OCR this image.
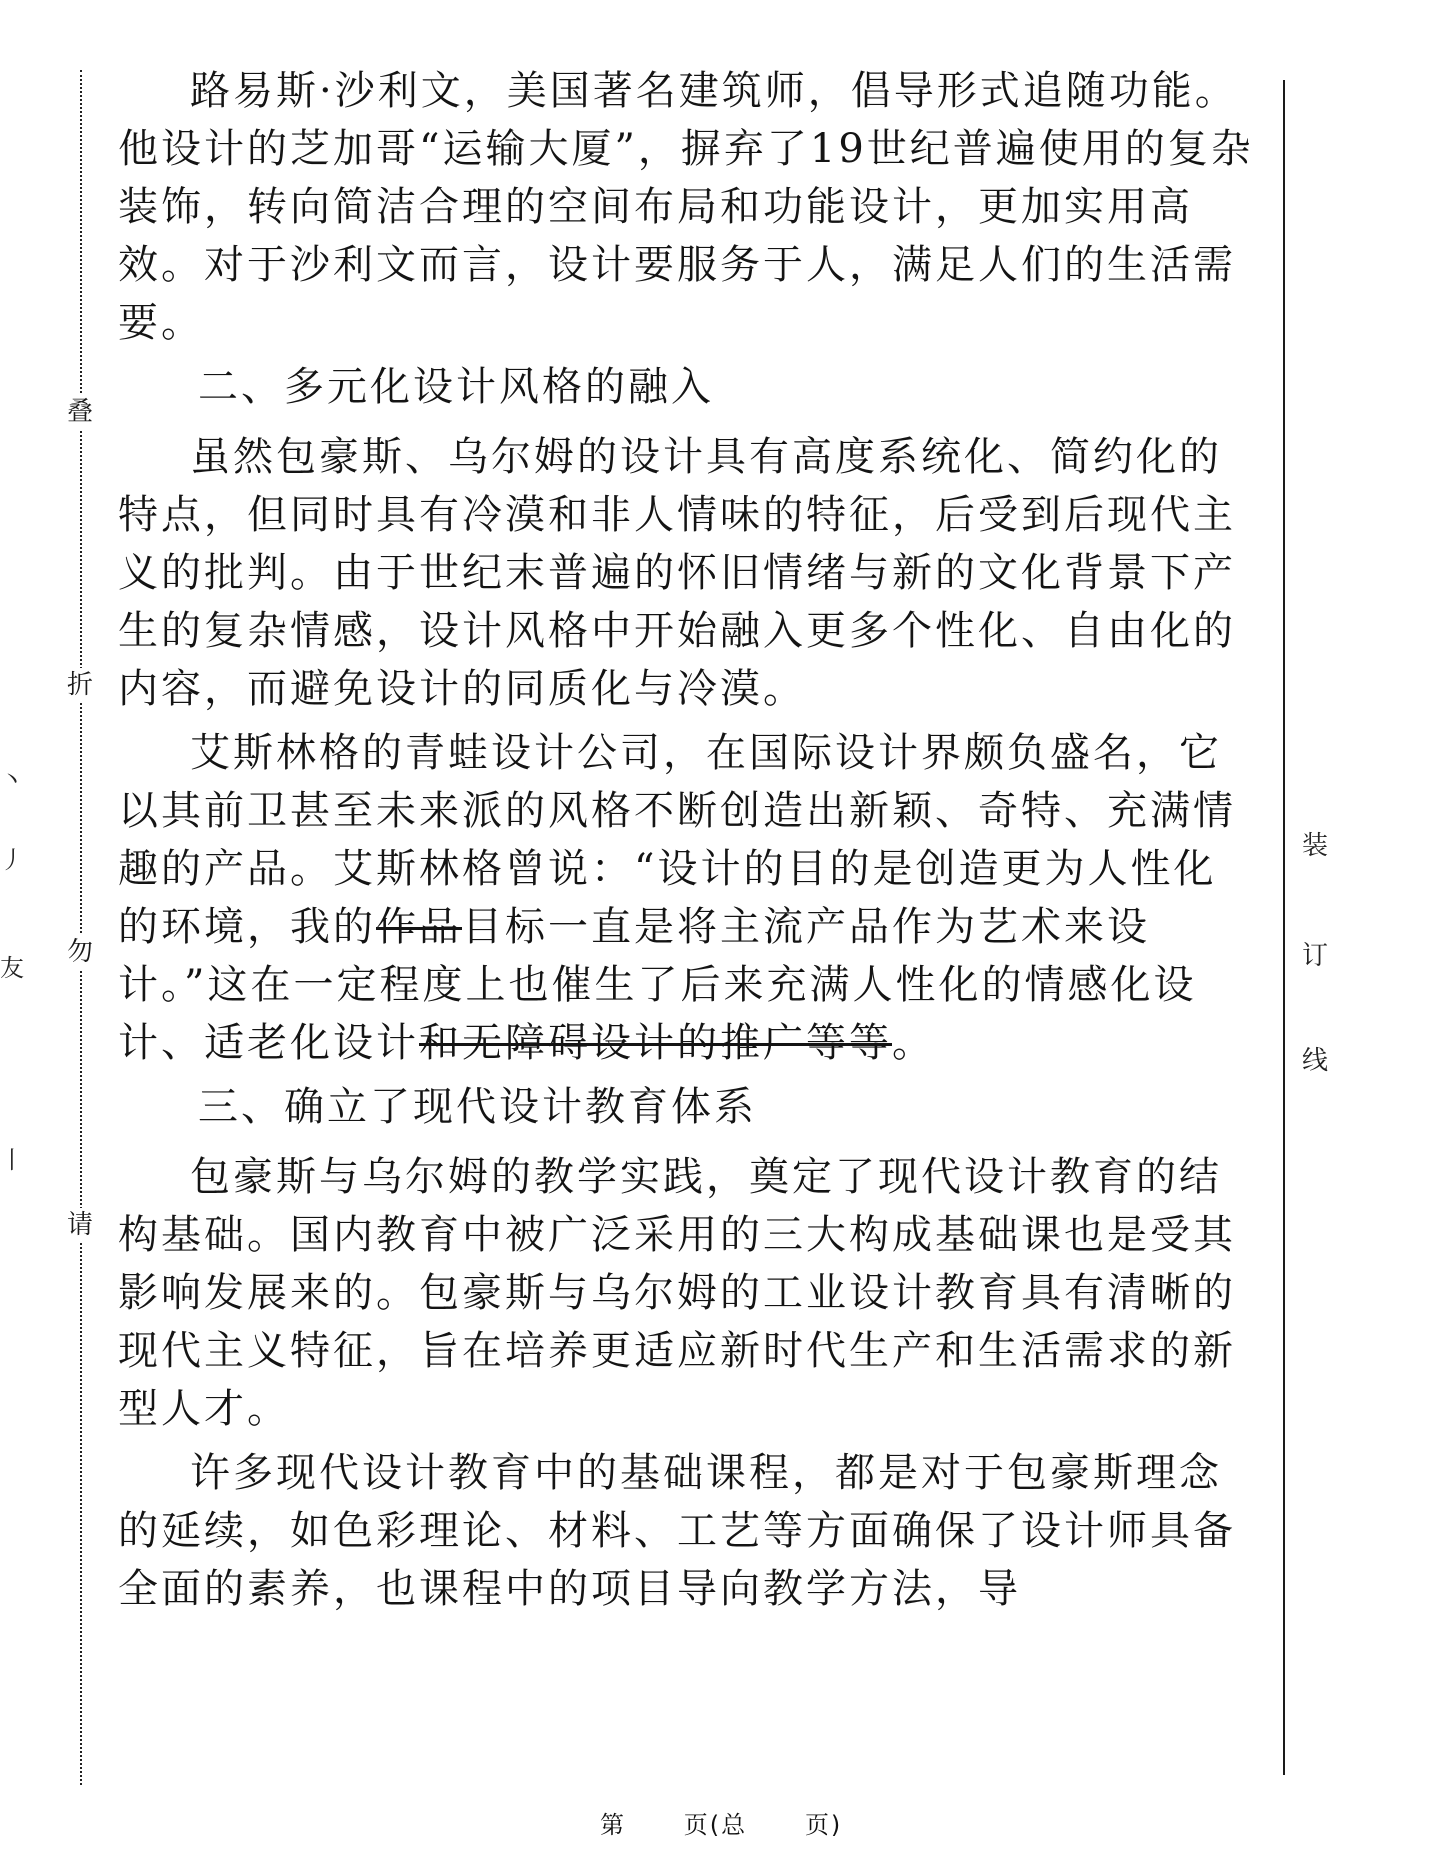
叠
折
勿
请
丶
丿
友
丨
装
订
线

路易斯·沙利文，美国著名建筑师，倡导形式追随功能。他设计的芝加哥“运输大厦”，摒弃了19世纪普遍使用的复杂装饰，转向简洁合理的空间布局和功能设计，更加实用高效。对于沙利文而言，设计要服务于人，满足人们的生活需要。

二、多元化设计风格的融入

虽然包豪斯、乌尔姆的设计具有高度系统化、简约化的特点，但同时具有冷漠和非人情味的特征，后受到后现代主义的批判。由于世纪末普遍的怀旧情绪与新的文化背景下产生的复杂情感，设计风格中开始融入更多个性化、自由化的内容，而避免设计的同质化与冷漠。

艾斯林格的青蛙设计公司，在国际设计界颇负盛名，它以其前卫甚至未来派的风格不断创造出新颖、奇特、充满情趣的产品。艾斯林格曾说：“设计的目的是创造更为人性化的环境，我的作品目标一直是将主流产品作为艺术来设计。”这在一定程度上也催生了后来充满人性化的情感化设计、适老化设计和无障碍设计的推广等等。

三、确立了现代设计教育体系

包豪斯与乌尔姆的教学实践，奠定了现代设计教育的结构基础。国内教育中被广泛采用的三大构成基础课也是受其影响发展来的。包豪斯与乌尔姆的工业设计教育具有清晰的现代主义特征，旨在培养更适应新时代生产和生活需求的新型人才。

许多现代设计教育中的基础课程，都是对于包豪斯理念的延续，如色彩理论、材料、工艺等方面确保了设计师具备全面的素养，也课程中的项目导向教学方法，导

第 页(总 页)
